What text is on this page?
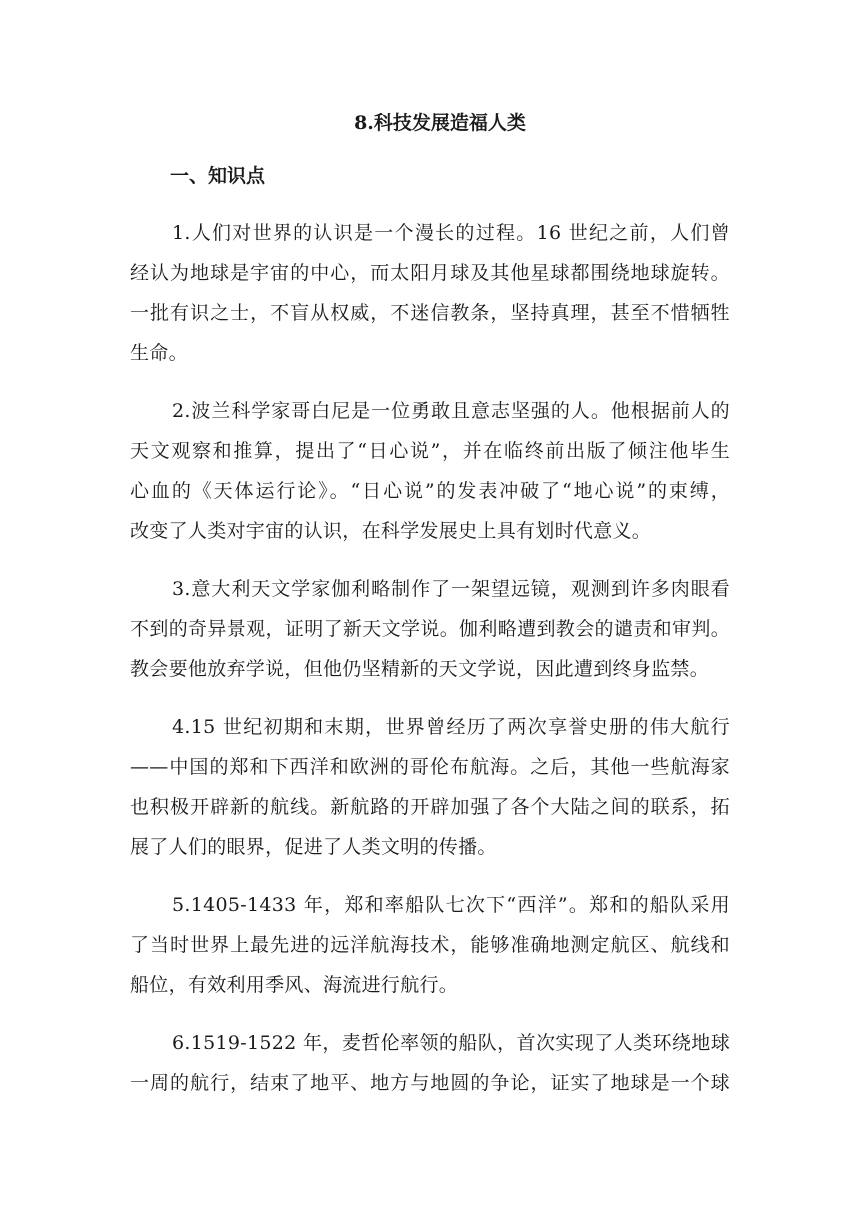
8.科技发展造福人类
一、知识点
1.人们对世界的认识是一个漫长的过程。16 世纪之前，人们曾
经认为地球是宇宙的中心，而太阳月球及其他星球都围绕地球旋转。
一批有识之士，不盲从权威，不迷信教条，坚持真理，甚至不惜牺牲
生命。
2.波兰科学家哥白尼是一位勇敢且意志坚强的人。他根据前人的
天文观察和推算，提出了“日心说”，并在临终前出版了倾注他毕生
心血的《天体运行论》。“日心说”的发表冲破了“地心说”的束缚，
改变了人类对宇宙的认识，在科学发展史上具有划时代意义。
3.意大利天文学家伽利略制作了一架望远镜，观测到许多肉眼看
不到的奇异景观，证明了新天文学说。伽利略遭到教会的谴责和审判。
教会要他放弃学说，但他仍坚精新的天文学说，因此遭到终身监禁。
4.15 世纪初期和末期，世界曾经历了两次享誉史册的伟大航行
——中国的郑和下西洋和欧洲的哥伦布航海。之后，其他一些航海家
也积极开辟新的航线。新航路的开辟加强了各个大陆之间的联系，拓
展了人们的眼界，促进了人类文明的传播。
5.1405-1433 年，郑和率船队七次下“西洋”。郑和的船队采用
了当时世界上最先进的远洋航海技术，能够准确地测定航区、航线和
船位，有效利用季风、海流进行航行。
6.1519-1522 年，麦哲伦率领的船队，首次实现了人类环绕地球
一周的航行，结束了地平、地方与地圆的争论，证实了地球是一个球
